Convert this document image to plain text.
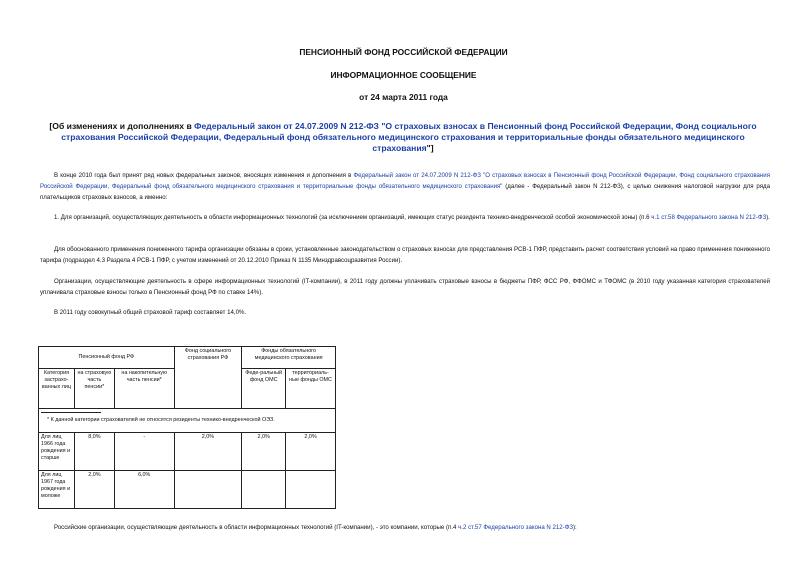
ПЕНСИОННЫЙ ФОНД РОССИЙСКОЙ ФЕДЕРАЦИИ
ИНФОРМАЦИОННОЕ СООБЩЕНИЕ
от 24 марта 2011 года
[Об изменениях и дополнениях в Федеральный закон от 24.07.2009 N 212-ФЗ "О страховых взносах в Пенсионный фонд Российской Федерации, Фонд социального страхования Российской Федерации, Федеральный фонд обязательного медицинского страхования и территориальные фонды обязательного медицинского страхования"]
В конце 2010 года был принят ряд новых федеральных законов, вносящих изменения и дополнения в Федеральный закон от 24.07.2009 N 212-ФЗ "О страховых взносах в Пенсионный фонд Российской Федерации, Фонд социального страхования Российской Федерации, Федеральный фонд обязательного медицинского страхования и территориальные фонды обязательного медицинского страхования" (далее - Федеральный закон N 212-ФЗ), с целью снижения налоговой нагрузки для ряда плательщиков страховых взносов, а именно:
1. Для организаций, осуществляющих деятельность в области информационных технологий (за исключением организаций, имеющих статус резидента технико-внедренческой особой экономической зоны) (п.6 ч.1 ст.58 Федерального закона N 212-ФЗ).
Для обоснованного применения пониженного тарифа организации обязаны в сроки, установленные законодательством о страховых взносах для представления РСВ-1 ПФР, представить расчет соответствия условий на право применения пониженного тарифа (подраздел 4.3 Раздела 4 РСВ-1 ПФР, с учетом изменений от 20.12.2010 Приказ N 1135 Минздравсоцразвития России).
Организации, осуществляющие деятельность в сфере информационных технологий (IT-компании), в 2011 году должны уплачивать страховые взносы в бюджеты ПФР, ФСС РФ, ФФОМС и ТФОМС (в 2010 году указанная категория страхователей уплачивала страховые взносы только в Пенсионный фонд РФ по ставке 14%).
В 2011 году совокупный общий страховой тариф составляет 14,0%.
Пенсионный фонд РФ			Фонд социального страхования РФ	Фонды обязательного медицинского страхования	
Категория застрахо-ванных лиц	на страховую часть пенсии*	на накопительную часть пенсии*		Феде-ральный фонд ОМС	территориаль-ные фонды ОМС

* К данной категории страхователей не относятся резиденты технико-внедренческой ОЭЗ.					

Для лиц 1966 года рождения и старше	8,0%	-	2,0%	2,0%	2,0%
Для лиц 1967 года рождения и моложе	2,0%	6,0%			
Российские организации, осуществляющие деятельность в области информационных технологий (IT-компании), - это компании, которые (п.4 ч.2 ст.57 Федерального закона N 212-ФЗ):
